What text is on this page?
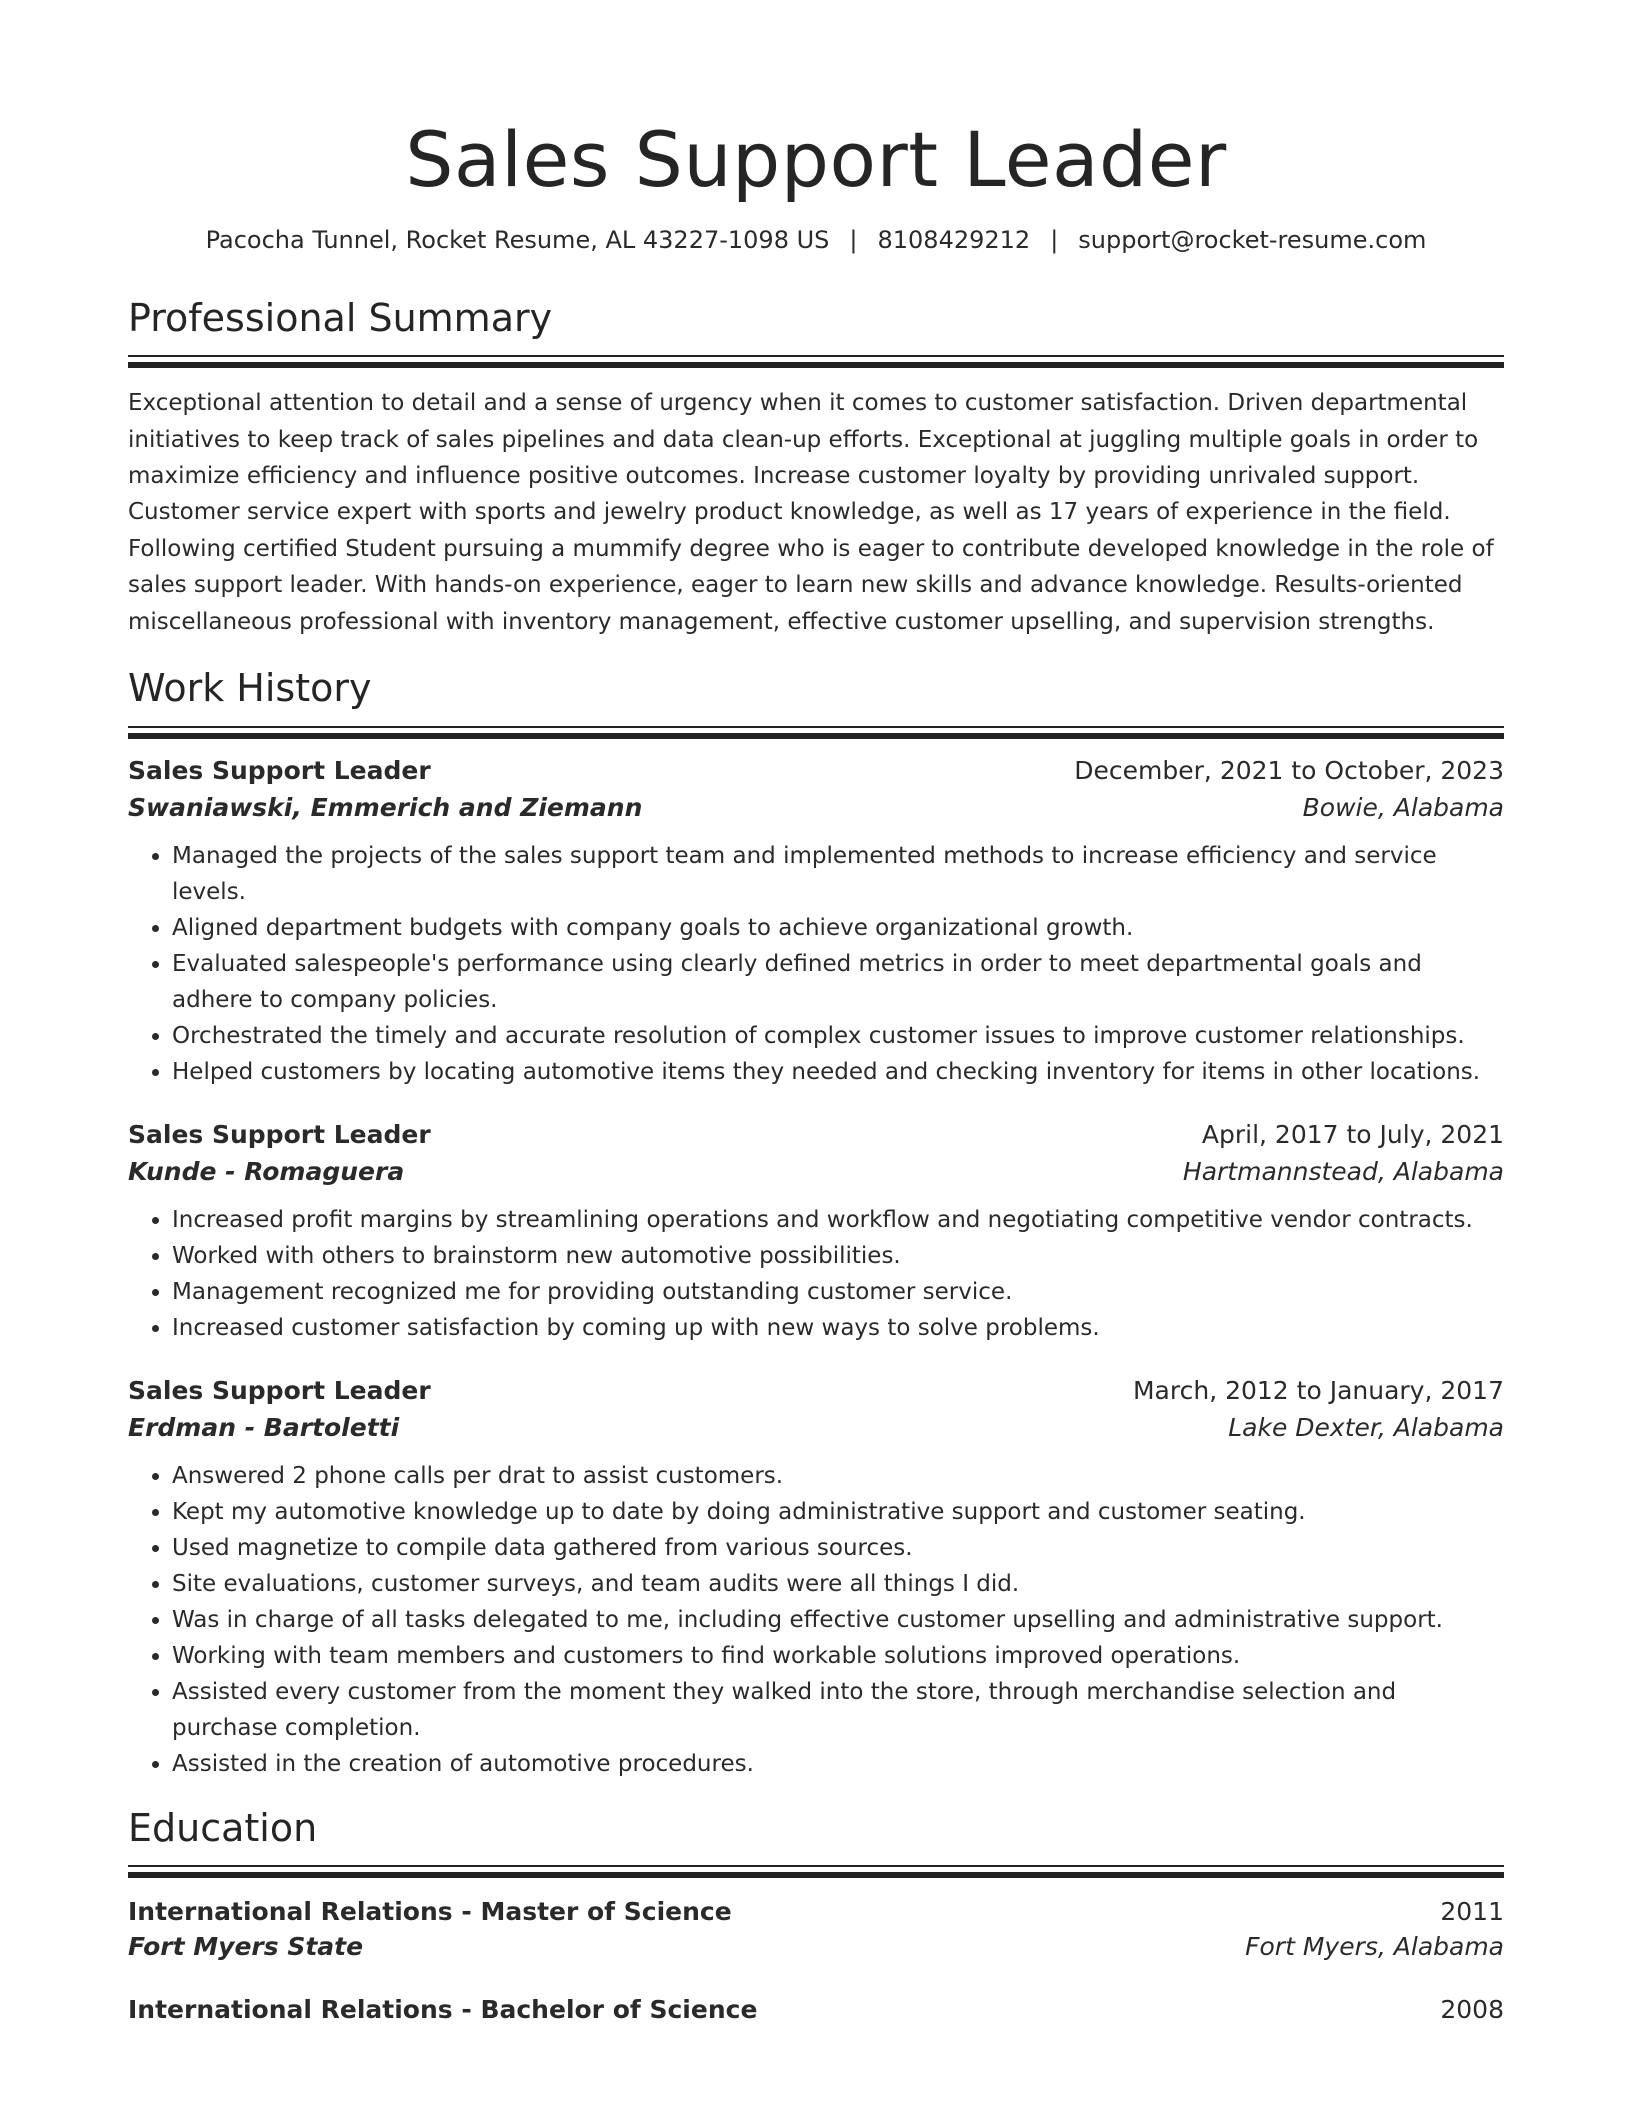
Sales Support Leader
Pacocha Tunnel, Rocket Resume, AL 43227-1098 US | 8108429212 | support@rocket-resume.com
Professional Summary
Exceptional attention to detail and a sense of urgency when it comes to customer satisfaction. Driven departmental initiatives to keep track of sales pipelines and data clean-up efforts. Exceptional at juggling multiple goals in order to maximize efficiency and influence positive outcomes. Increase customer loyalty by providing unrivaled support. Customer service expert with sports and jewelry product knowledge, as well as 17 years of experience in the field. Following certified Student pursuing a mummify degree who is eager to contribute developed knowledge in the role of sales support leader. With hands-on experience, eager to learn new skills and advance knowledge. Results-oriented miscellaneous professional with inventory management, effective customer upselling, and supervision strengths.
Work History
Sales Support Leader	December, 2021 to October, 2023
Swaniawski, Emmerich and Ziemann	Bowie, Alabama
• Managed the projects of the sales support team and implemented methods to increase efficiency and service levels.
• Aligned department budgets with company goals to achieve organizational growth.
• Evaluated salespeople's performance using clearly defined metrics in order to meet departmental goals and adhere to company policies.
• Orchestrated the timely and accurate resolution of complex customer issues to improve customer relationships.
• Helped customers by locating automotive items they needed and checking inventory for items in other locations.
Sales Support Leader	April, 2017 to July, 2021
Kunde - Romaguera	Hartmannstead, Alabama
• Increased profit margins by streamlining operations and workflow and negotiating competitive vendor contracts.
• Worked with others to brainstorm new automotive possibilities.
• Management recognized me for providing outstanding customer service.
• Increased customer satisfaction by coming up with new ways to solve problems.
Sales Support Leader	March, 2012 to January, 2017
Erdman - Bartoletti	Lake Dexter, Alabama
• Answered 2 phone calls per drat to assist customers.
• Kept my automotive knowledge up to date by doing administrative support and customer seating.
• Used magnetize to compile data gathered from various sources.
• Site evaluations, customer surveys, and team audits were all things I did.
• Was in charge of all tasks delegated to me, including effective customer upselling and administrative support.
• Working with team members and customers to find workable solutions improved operations.
• Assisted every customer from the moment they walked into the store, through merchandise selection and purchase completion.
• Assisted in the creation of automotive procedures.
Education
International Relations - Master of Science	2011
Fort Myers State	Fort Myers, Alabama
International Relations - Bachelor of Science	2008
